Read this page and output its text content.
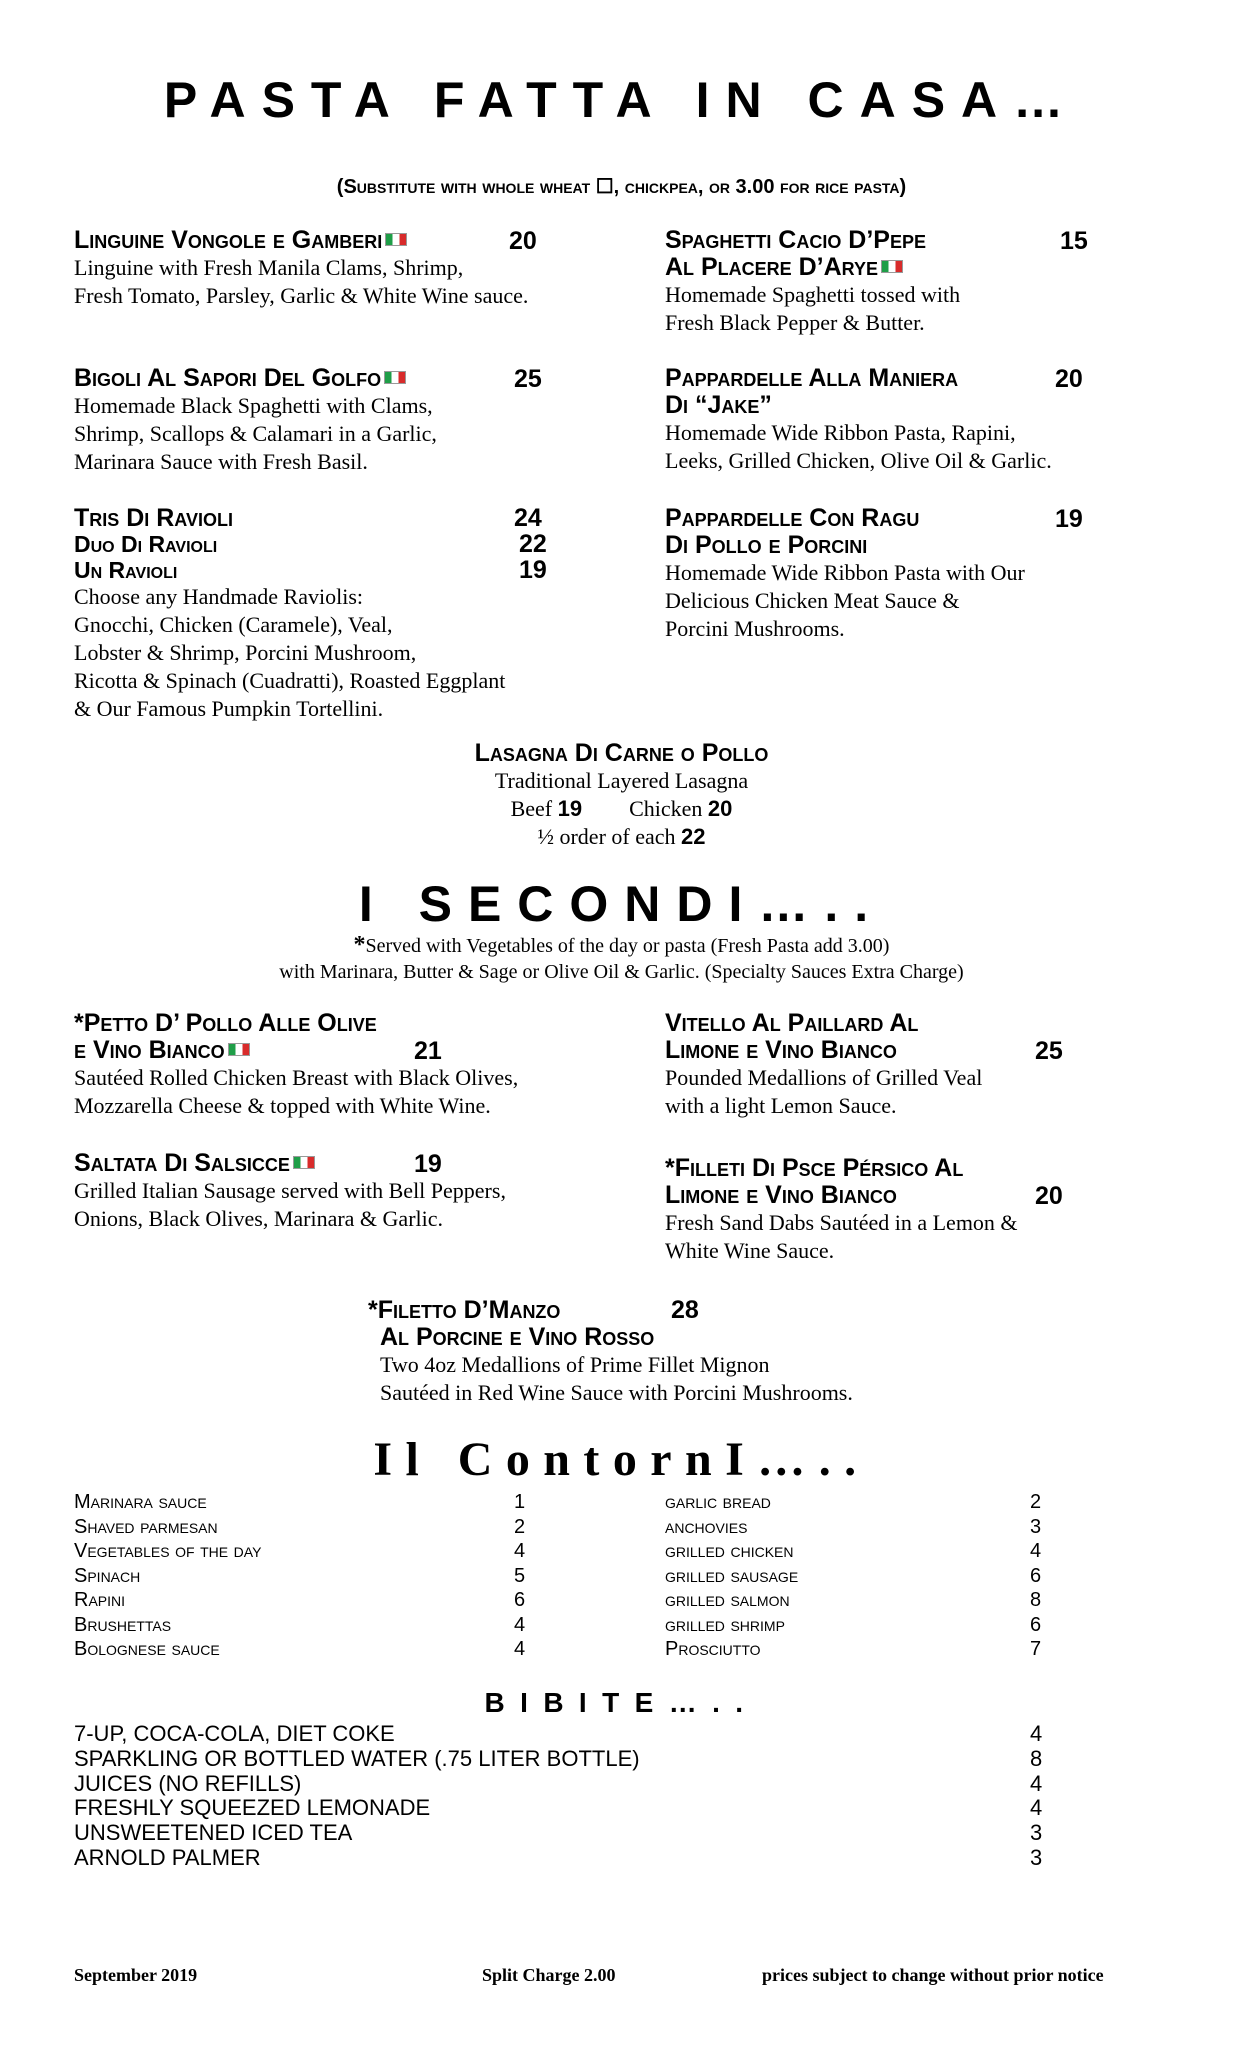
PASTA FATTA IN CASA…
(Substitute with whole wheat ☐, chickpea, or 3.00 for rice pasta)
Linguine Vongole e Gamberi
Linguine with Fresh Manila Clams, Shrimp,
Fresh Tomato, Parsley, Garlic & White Wine sauce.
20
Bigoli Al Sapori Del Golfo
Homemade Black Spaghetti with Clams,
Shrimp, Scallops & Calamari in a Garlic,
Marinara Sauce with Fresh Basil.
25
Tris Di Ravioli	24
Duo Di Ravioli	22
Un Ravioli	19
Choose any Handmade Raviolis:
Gnocchi, Chicken (Caramele), Veal,
Lobster & Shrimp, Porcini Mushroom,
Ricotta & Spinach (Cuadratti), Roasted Eggplant
& Our Famous Pumpkin Tortellini.
Spaghetti Cacio D’Pepe
Al Placere D’Arye
Homemade Spaghetti tossed with
Fresh Black Pepper & Butter.
15
Pappardelle Alla Maniera
Di “Jake”
Homemade Wide Ribbon Pasta, Rapini,
Leeks, Grilled Chicken, Olive Oil & Garlic.
20
Pappardelle Con Ragu
Di Pollo e Porcini
Homemade Wide Ribbon Pasta with Our
Delicious Chicken Meat Sauce &
Porcini Mushrooms.
19
Lasagna Di Carne o Pollo
Traditional Layered Lasagna
Beef 19 Chicken 20
½ order of each 22
I SECONDI…..
*Served with Vegetables of the day or pasta (Fresh Pasta add 3.00)
with Marinara, Butter & Sage or Olive Oil & Garlic. (Specialty Sauces Extra Charge)
*Petto D’ Pollo Alle Olive
e Vino Bianco
Sautéed Rolled Chicken Breast with Black Olives,
Mozzarella Cheese & topped with White Wine.
21
Saltata Di Salsicce
Grilled Italian Sausage served with Bell Peppers,
Onions, Black Olives, Marinara & Garlic.
19
Vitello Al Paillard Al
Limone e Vino Bianco
Pounded Medallions of Grilled Veal
with a light Lemon Sauce.
25
*Filleti Di Psce Pérsico Al
Limone e Vino Bianco
Fresh Sand Dabs Sautéed in a Lemon &
White Wine Sauce.
20
*Filetto D’Manzo	28
Al Porcine e Vino Rosso
Two 4oz Medallions of Prime Fillet Mignon
Sautéed in Red Wine Sauce with Porcini Mushrooms.
Il ContornI…..
Marinara sauce	1
Shaved parmesan	2
Vegetables of the day	4
Spinach	5
Rapini	6
Brushettas	4
Bolognese sauce	4
garlic bread	2
anchovies	3
grilled chicken	4
grilled sausage	6
grilled salmon	8
grilled shrimp	6
Prosciutto	7
BIBITE…..
7-UP, COCA-COLA, DIET COKE	4
SPARKLING OR BOTTLED WATER (.75 LITER BOTTLE)	8
JUICES (NO REFILLS)	4
FRESHLY SQUEEZED LEMONADE	4
UNSWEETENED ICED TEA	3
ARNOLD PALMER	3
September 2019	Split Charge 2.00	prices subject to change without prior notice
